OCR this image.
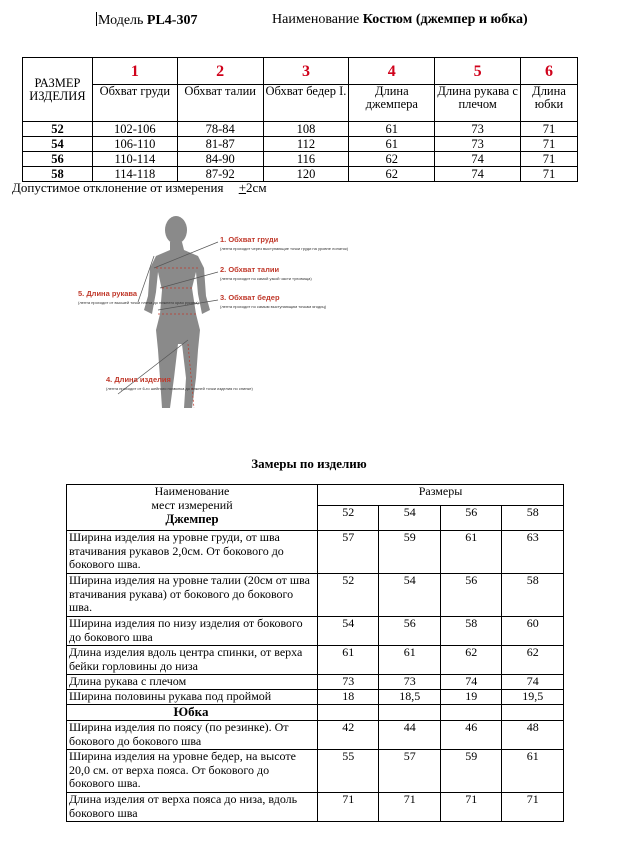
Модель PL4-307	Наименование Костюм (джемпер и юбка)
РАЗМЕР
ИЗДЕЛИЯ	1	2	3	4	5	6
	Обхват груди	Обхват талии	Обхват бедер I.	Длина джемпера	Длина рукава с плечом	Длина юбки
52	102-106	78-84	108	61	73	71
54	106-110	81-87	112	61	73	71
56	110-114	84-90	116	62	74	71
58	114-118	87-92	120	62	74	71
Допустимое отклонение от измерения +2см
1. Обхват груди
(лента проходит через выступающие точки груди на уровне лопаток)
2. Обхват талии
(лента проходит по самой узкой части туловища)
3. Обхват бедер
(лента проходит по самым выступающим точкам ягодиц)
5. Длина рукава
(лента проходит от высшей точки плеча до нижнего края рукава)
4. Длина изделия
(лента проходит от 6-го шейного позвонка до нижней точки изделия по спинке)
Замеры по изделию
Наименование
мест измерений
Джемпер	Размеры			
	52	54	56	58
Ширина изделия на уровне груди, от шва втачивания рукавов 2,0см. От бокового до бокового шва.	57	59	61	63
Ширина изделия на уровне талии (20см от шва втачивания рукава) от бокового до бокового шва.	52	54	56	58
Ширина изделия по низу изделия от бокового до бокового шва	54	56	58	60
Длина изделия вдоль центра спинки, от верха бейки горловины до низа	61	61	62	62
Длина рукава с плечом	73	73	74	74
Ширина половины рукава под проймой	18	18,5	19	19,5
Юбка				
Ширина изделия по поясу (по резинке). От бокового до бокового шва	42	44	46	48
Ширина изделия на уровне бедер, на высоте 20,0 см. от верха пояса. От бокового до бокового шва.	55	57	59	61
Длина изделия от верха пояса до низа, вдоль бокового шва	71	71	71	71
